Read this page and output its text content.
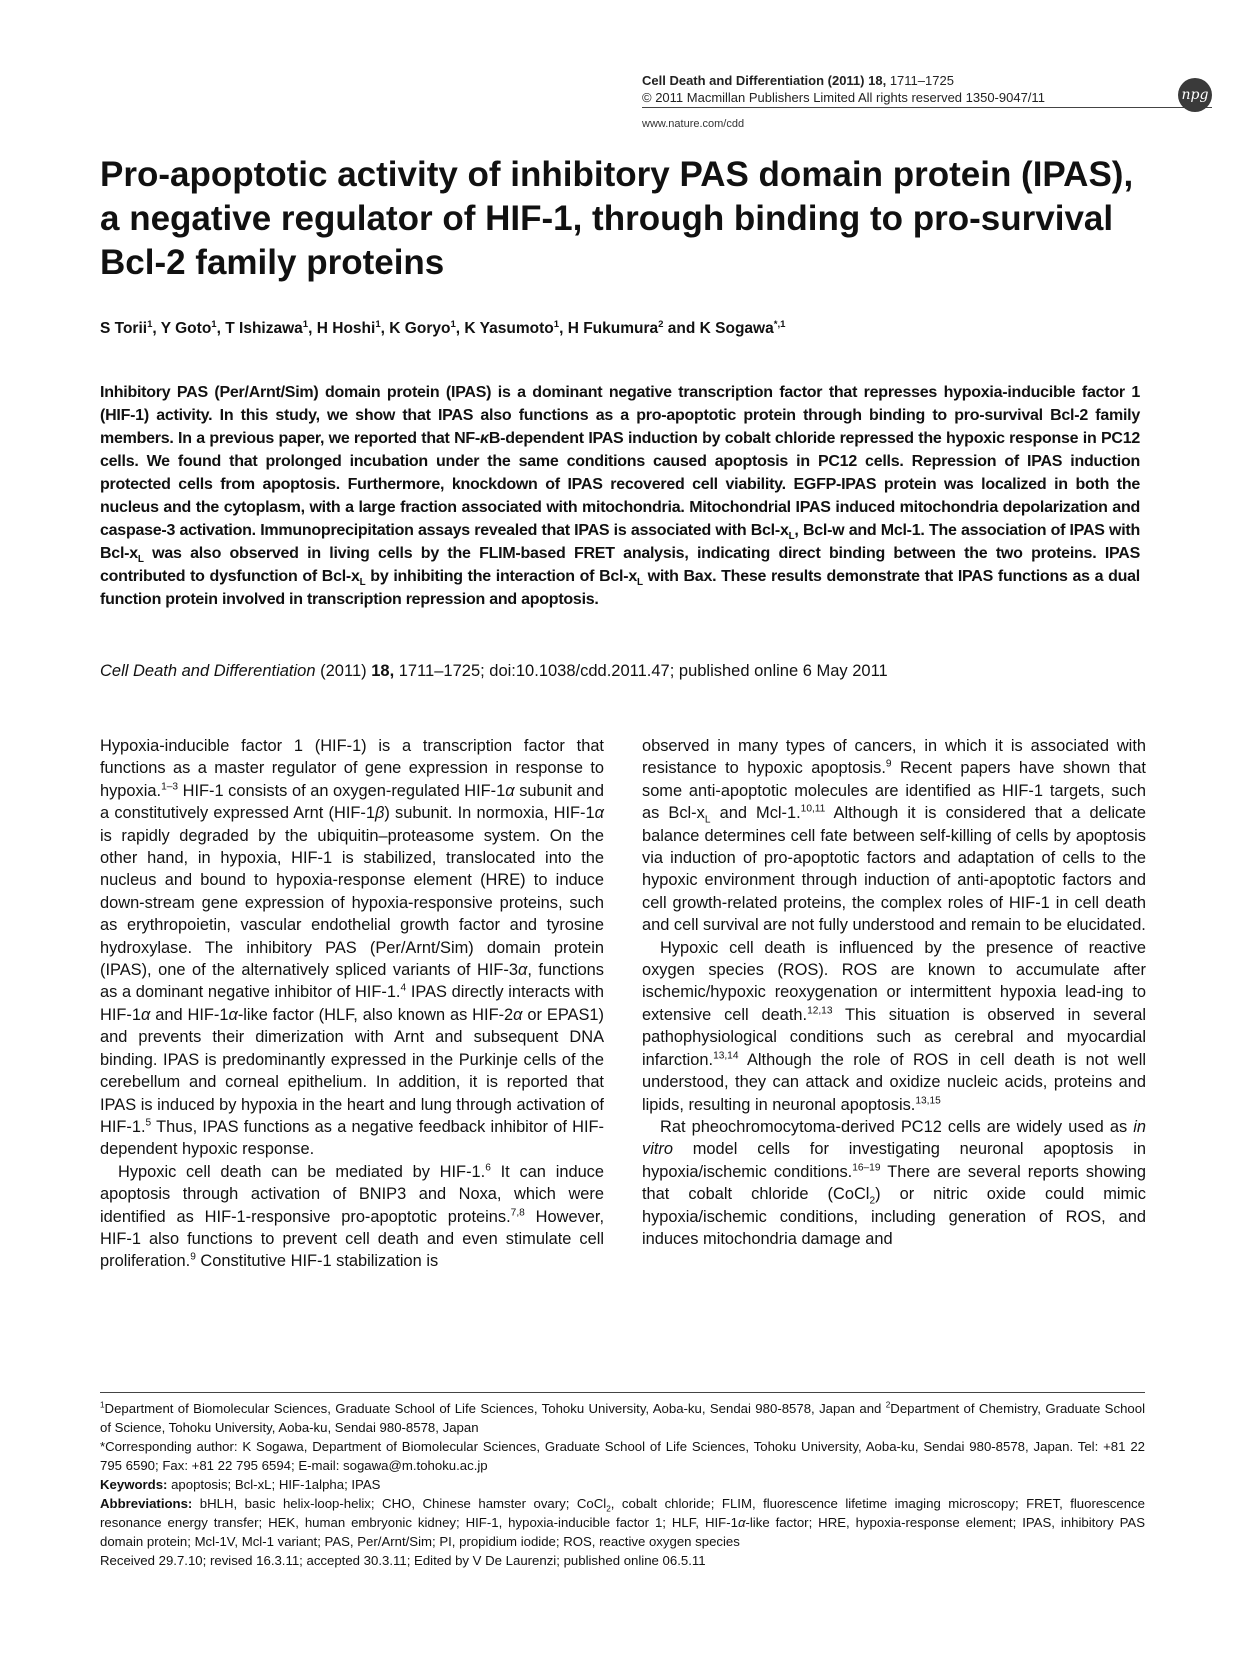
Cell Death and Differentiation (2011) 18, 1711–1725
© 2011 Macmillan Publishers Limited All rights reserved 1350-9047/11
www.nature.com/cdd
npg
Pro-apoptotic activity of inhibitory PAS domain protein (IPAS), a negative regulator of HIF-1, through binding to pro-survival Bcl-2 family proteins
S Torii$^1$, Y Goto$^1$, T Ishizawa$^1$, H Hoshi$^1$, K Goryo$^1$, K Yasumoto$^1$, H Fukumura$^2$ and K Sogawa$^{*,1}$
Inhibitory PAS (Per/Arnt/Sim) domain protein (IPAS) is a dominant negative transcription factor that represses hypoxia-inducible factor 1 (HIF-1) activity. In this study, we show that IPAS also functions as a pro-apoptotic protein through binding to pro-survival Bcl-2 family members. In a previous paper, we reported that NF-κB-dependent IPAS induction by cobalt chloride repressed the hypoxic response in PC12 cells. We found that prolonged incubation under the same conditions caused apoptosis in PC12 cells. Repression of IPAS induction protected cells from apoptosis. Furthermore, knockdown of IPAS recovered cell viability. EGFP-IPAS protein was localized in both the nucleus and the cytoplasm, with a large fraction associated with mitochondria. Mitochondrial IPAS induced mitochondria depolarization and caspase-3 activation. Immunoprecipitation assays revealed that IPAS is associated with Bcl-$x_L$, Bcl-w and Mcl-1. The association of IPAS with Bcl-$x_L$ was also observed in living cells by the FLIM-based FRET analysis, indicating direct binding between the two proteins. IPAS contributed to dysfunction of Bcl-$x_L$ by inhibiting the interaction of Bcl-$x_L$ with Bax. These results demonstrate that IPAS functions as a dual function protein involved in transcription repression and apoptosis.
Cell Death and Differentiation (2011) 18, 1711–1725; doi:10.1038/cdd.2011.47; published online 6 May 2011

Hypoxia-inducible factor 1 (HIF-1) is a transcription factor that functions as a master regulator of gene expression in response to hypoxia.$^{1-3}$ HIF-1 consists of an oxygen-regulated HIF-1α subunit and a constitutively expressed Arnt (HIF-1β) subunit. In normoxia, HIF-1α is rapidly degraded by the ubiquitin–proteasome system. On the other hand, in hypoxia, HIF-1 is stabilized, translocated into the nucleus and bound to hypoxia-response element (HRE) to induce down-stream gene expression of hypoxia-responsive proteins, such as erythropoietin, vascular endothelial growth factor and tyrosine hydroxylase. The inhibitory PAS (Per/Arnt/Sim) domain protein (IPAS), one of the alternatively spliced variants of HIF-3α, functions as a dominant negative inhibitor of HIF-1.$^4$ IPAS directly interacts with HIF-1α and HIF-1α-like factor (HLF, also known as HIF-2α or EPAS1) and prevents their dimerization with Arnt and subsequent DNA binding. IPAS is predominantly expressed in the Purkinje cells of the cerebellum and corneal epithelium. In addition, it is reported that IPAS is induced by hypoxia in the heart and lung through activation of HIF-1.$^5$ Thus, IPAS functions as a negative feedback inhibitor of HIF-dependent hypoxic response.

Hypoxic cell death can be mediated by HIF-1.$^6$ It can induce apoptosis through activation of BNIP3 and Noxa, which were identified as HIF-1-responsive pro-apoptotic proteins.$^{7,8}$ However, HIF-1 also functions to prevent cell death and even stimulate cell proliferation.$^9$ Constitutive HIF-1 stabilization is

observed in many types of cancers, in which it is associated with resistance to hypoxic apoptosis.$^9$ Recent papers have shown that some anti-apoptotic molecules are identified as HIF-1 targets, such as Bcl-$x_L$ and Mcl-1.$^{10,11}$ Although it is considered that a delicate balance determines cell fate between self-killing of cells by apoptosis via induction of pro-apoptotic factors and adaptation of cells to the hypoxic environment through induction of anti-apoptotic factors and cell growth-related proteins, the complex roles of HIF-1 in cell death and cell survival are not fully understood and remain to be elucidated.

Hypoxic cell death is influenced by the presence of reactive oxygen species (ROS). ROS are known to accumulate after ischemic/hypoxic reoxygenation or intermittent hypoxia lead-ing to extensive cell death.$^{12,13}$ This situation is observed in several pathophysiological conditions such as cerebral and myocardial infarction.$^{13,14}$ Although the role of ROS in cell death is not well understood, they can attack and oxidize nucleic acids, proteins and lipids, resulting in neuronal apoptosis.$^{13,15}$

Rat pheochromocytoma-derived PC12 cells are widely used as in vitro model cells for investigating neuronal apoptosis in hypoxia/ischemic conditions.$^{16-19}$ There are several reports showing that cobalt chloride (CoCl$_2$) or nitric oxide could mimic hypoxia/ischemic conditions, including generation of ROS, and induces mitochondria damage and

$^1$Department of Biomolecular Sciences, Graduate School of Life Sciences, Tohoku University, Aoba-ku, Sendai 980-8578, Japan and $^2$Department of Chemistry, Graduate School of Science, Tohoku University, Aoba-ku, Sendai 980-8578, Japan

*Corresponding author: K Sogawa, Department of Biomolecular Sciences, Graduate School of Life Sciences, Tohoku University, Aoba-ku, Sendai 980-8578, Japan. Tel: +81 22 795 6590; Fax: +81 22 795 6594; E-mail: sogawa@m.tohoku.ac.jp

Keywords: apoptosis; Bcl-xL; HIF-1alpha; IPAS

Abbreviations: bHLH, basic helix-loop-helix; CHO, Chinese hamster ovary; CoCl$_2$, cobalt chloride; FLIM, fluorescence lifetime imaging microscopy; FRET, fluorescence resonance energy transfer; HEK, human embryonic kidney; HIF-1, hypoxia-inducible factor 1; HLF, HIF-1α-like factor; HRE, hypoxia-response element; IPAS, inhibitory PAS domain protein; Mcl-1V, Mcl-1 variant; PAS, Per/Arnt/Sim; PI, propidium iodide; ROS, reactive oxygen species

Received 29.7.10; revised 16.3.11; accepted 30.3.11; Edited by V De Laurenzi; published online 06.5.11
